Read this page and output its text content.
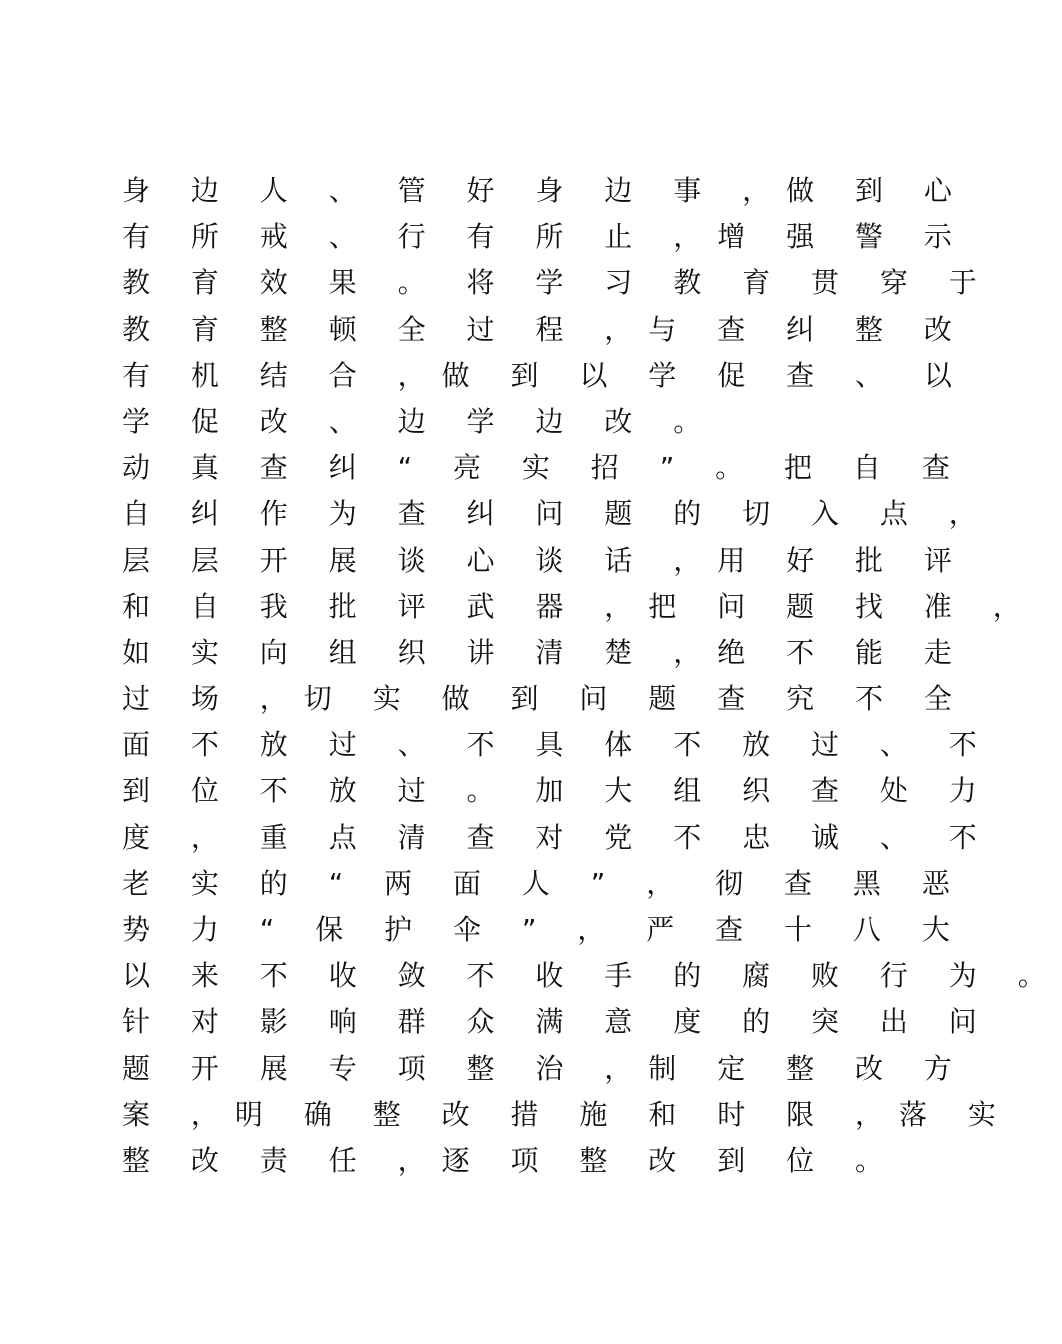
身 边 人 、 管 好 身 边 事 ，做 到 心
有 所 戒 、 行 有 所 止 ，增 强 警 示
教 育 效 果 。 将 学 习 教 育 贯 穿 于
教 育 整 顿 全 过 程 ，与 查 纠 整 改
有 机 结 合 ，做 到 以 学 促 查 、 以
学 促 改 、 边 学 边 改 。
动 真 查 纠 “ 亮 实 招 ” 。 把 自 查
自 纠 作 为 查 纠 问 题 的 切 入 点 ，
层 层 开 展 谈 心 谈 话 ，用 好 批 评
和 自 我 批 评 武 器 ，把 问 题 找 准 ，
如 实 向 组 织 讲 清 楚 ，绝 不 能 走
过 场 ，切 实 做 到 问 题 查 究 不 全
面 不 放 过 、 不 具 体 不 放 过 、 不
到 位 不 放 过 。 加 大 组 织 查 处 力
度 ， 重 点 清 查 对 党 不 忠 诚 、 不
老 实 的 “ 两 面 人 ” ， 彻 查 黑 恶
势 力 “ 保 护 伞 ” ， 严 查 十 八 大
以 来 不 收 敛 不 收 手 的 腐 败 行 为 。
针 对 影 响 群 众 满 意 度 的 突 出 问
题 开 展 专 项 整 治 ，制 定 整 改 方
案 ，明 确 整 改 措 施 和 时 限 ，落 实
整 改 责 任 ，逐 项 整 改 到 位 。
